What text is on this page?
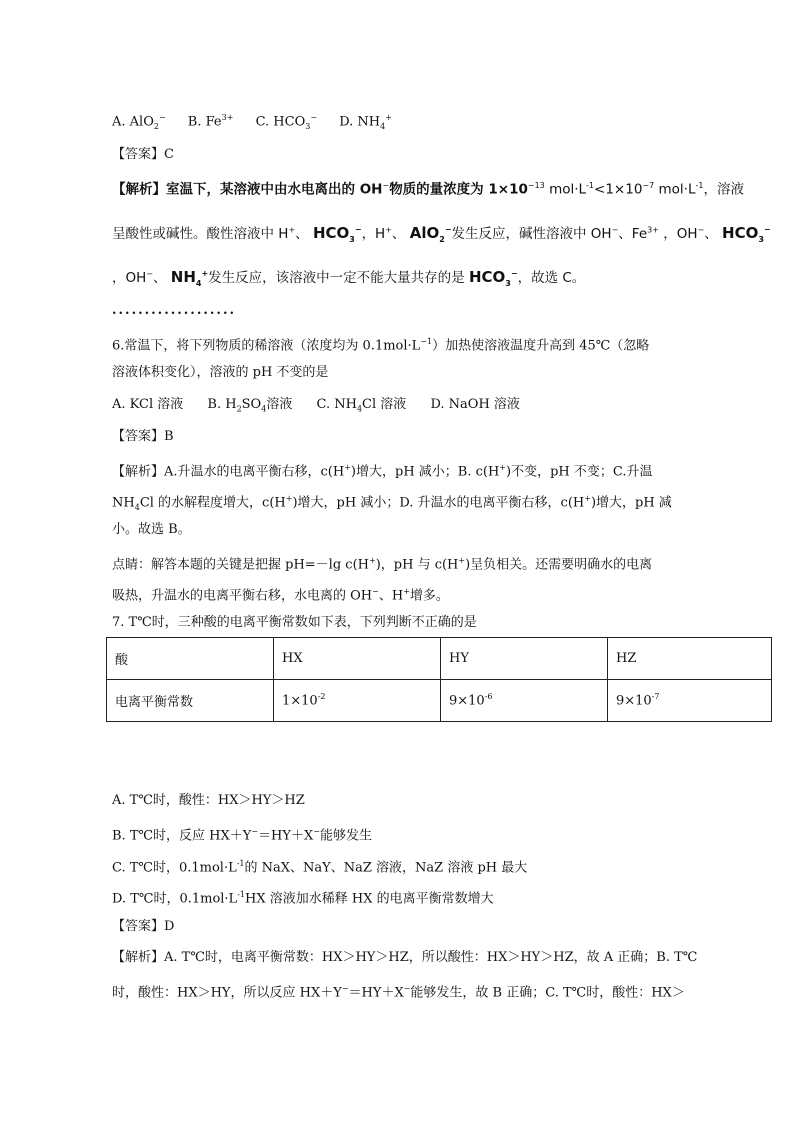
A. AlO$_2$− B. $Fe^{3+}$ C. $HCO_3^-$ D. $NH_4^+$
【答案】C
【解析】室温下，某溶液中由水电离出的 OH−物质的量浓度为 $1\times 10^{-13}$ $mol\cdot L^{-1}<1\times 10^{-7}$ $mol\cdot L^{-1}$，溶液
呈酸性或碱性。酸性溶液中 H+、 $HCO_3^-$，H+、 AlO$_2$−发生反应，碱性溶液中 OH−、$Fe^{3+}$ ，OH−、 $HCO_3^-$
，OH−、 $NH_4^+$发生反应，该溶液中一定不能大量共存的是 $HCO_3^-$，故选 C。
...................
6.常温下，将下列物质的稀溶液（浓度均为 $0.1mol\cdot L^{-1}$）加热使溶液温度升高到 45℃（忽略
溶液体积变化），溶液的 pH 不变的是
A. KCl 溶液 B. $H_2SO_4$溶液 C. $NH_4Cl$ 溶液 D. NaOH 溶液
【答案】B
【解析】A.升温水的电离平衡右移，c(H+)增大，pH 减小；B. c(H+)不变，pH 不变；C.升温
$NH_4Cl$ 的水解程度增大，c(H+)增大，pH 减小；D. 升温水的电离平衡右移，c(H+)增大，pH 减
小。故选 B。
点睛：解答本题的关键是把握 pH=－lg c(H+)，pH 与 c(H+)呈负相关。还需要明确水的电离
吸热，升温水的电离平衡右移，水电离的 OH−、H+增多。
7. T℃时，三种酸的电离平衡常数如下表，下列判断不正确的是
酸	HX	HY	HZ
电离平衡常数	$1\times 10^{-2}$	$9\times 10^{-6}$	$9\times 10^{-7}$
A. T℃时，酸性：HX＞HY＞HZ
B. T℃时，反应 HX＋Y−＝HY＋X−能够发生
C. T℃时，$0.1mol\cdot L^{-1}$的 NaX、NaY、NaZ 溶液，NaZ 溶液 pH 最大
D. T℃时，$0.1mol\cdot L^{-1}HX$ 溶液加水稀释 HX 的电离平衡常数增大
【答案】D
【解析】A. T℃时，电离平衡常数：HX＞HY＞HZ，所以酸性：HX＞HY＞HZ，故 A 正确；B. T℃
时，酸性：HX＞HY，所以反应 HX＋Y−＝HY＋X−能够发生，故 B 正确；C. T℃时，酸性：HX＞
